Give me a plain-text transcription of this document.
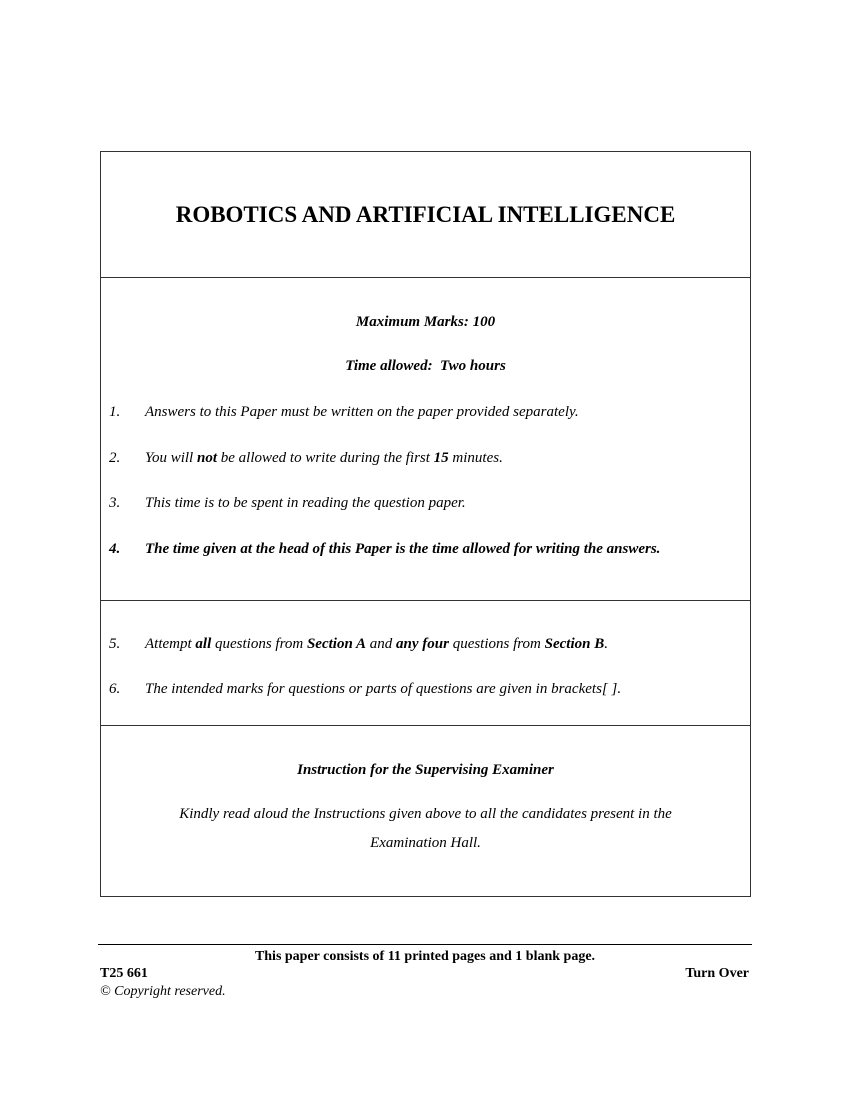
ROBOTICS AND ARTIFICIAL INTELLIGENCE
Maximum Marks: 100
Time allowed:  Two hours
1. Answers to this Paper must be written on the paper provided separately.
2. You will not be allowed to write during the first 15 minutes.
3. This time is to be spent in reading the question paper.
4. The time given at the head of this Paper is the time allowed for writing the answers.
5. Attempt all questions from Section A and any four questions from Section B.
6. The intended marks for questions or parts of questions are given in brackets[ ].
Instruction for the Supervising Examiner
Kindly read aloud the Instructions given above to all the candidates present in the Examination Hall.
This paper consists of 11 printed pages and 1 blank page.
T25 661	Turn Over
© Copyright reserved.
